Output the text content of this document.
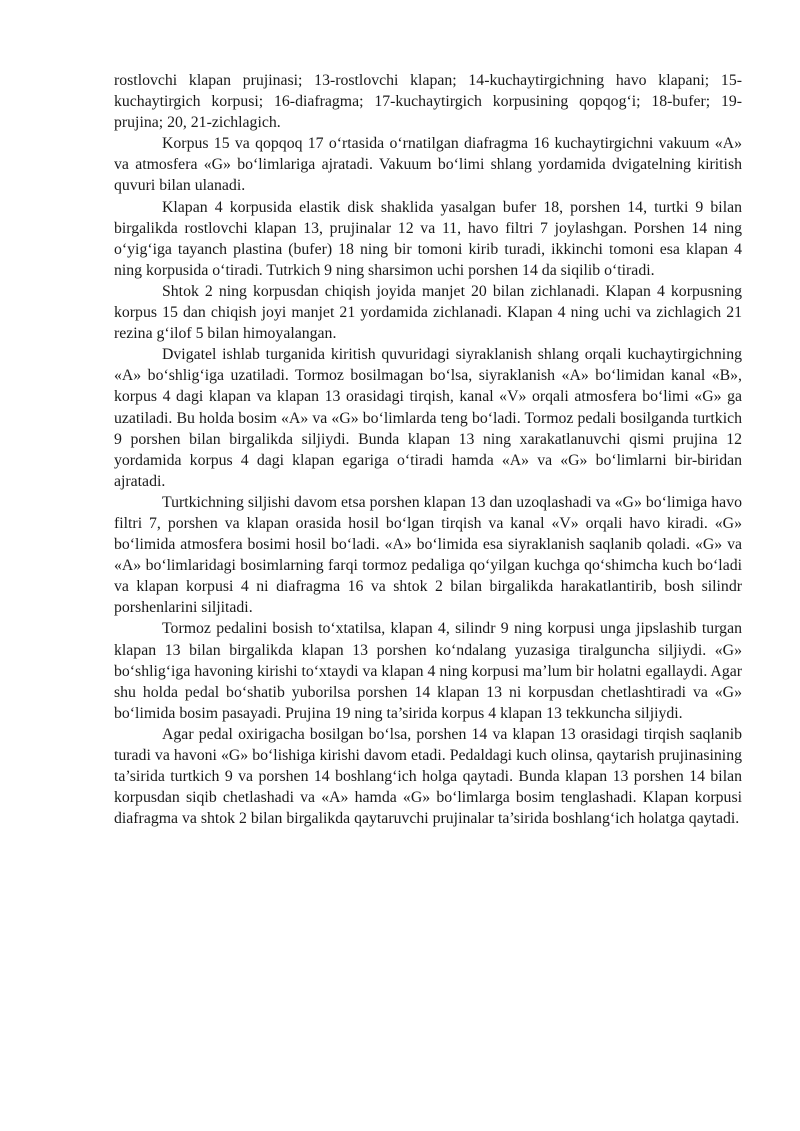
rostlovchi klapan prujinasi; 13-rostlovchi klapan; 14-kuchaytirgichning havo klapani; 15-kuchaytirgich korpusi; 16-diafragma; 17-kuchaytirgich korpusining qopqog‘i; 18-bufer; 19-prujina; 20, 21-zichlagich.

Korpus 15 va qopqoq 17 o‘rtasida o‘rnatilgan diafragma 16 kuchaytirgichni vakuum «A» va atmosfera «G» bo‘limlariga ajratadi. Vakuum bo‘limi shlang yordamida dvigatelning kiritish quvuri bilan ulanadi.

Klapan 4 korpusida elastik disk shaklida yasalgan bufer 18, porshen 14, turtki 9 bilan birgalikda rostlovchi klapan 13, prujinalar 12 va 11, havo filtri 7 joylashgan. Porshen 14 ning o‘yig‘iga tayanch plastina (bufer) 18 ning bir tomoni kirib turadi, ikkinchi tomoni esa klapan 4 ning korpusida o‘tiradi. Tutrkich 9 ning sharsimon uchi porshen 14 da siqilib o‘tiradi.

Shtok 2 ning korpusdan chiqish joyida manjet 20 bilan zichlanadi. Klapan 4 korpusning korpus 15 dan chiqish joyi manjet 21 yordamida zichlanadi. Klapan 4 ning uchi va zichlagich 21 rezina g‘ilof 5 bilan himoyalangan.

Dvigatel ishlab turganida kiritish quvuridagi siyraklanish shlang orqali kuchaytirgichning «A» bo‘shlig‘iga uzatiladi. Tormoz bosilmagan bo‘lsa, siyraklanish «A» bo‘limidan kanal «B», korpus 4 dagi klapan va klapan 13 orasidagi tirqish, kanal «V» orqali atmosfera bo‘limi «G» ga uzatiladi. Bu holda bosim «A» va «G» bo‘limlarda teng bo‘ladi. Tormoz pedali bosilganda turtkich 9 porshen bilan birgalikda siljiydi. Bunda klapan 13 ning xarakatlanuvchi qismi prujina 12 yordamida korpus 4 dagi klapan egariga o‘tiradi hamda «A» va «G» bo‘limlarni bir-biridan ajratadi.

Turtkichning siljishi davom etsa porshen klapan 13 dan uzoqlashadi va «G» bo‘limiga havo filtri 7, porshen va klapan orasida hosil bo‘lgan tirqish va kanal «V» orqali havo kiradi. «G» bo‘limida atmosfera bosimi hosil bo‘ladi. «A» bo‘limida esa siyraklanish saqlanib qoladi. «G» va «A» bo‘limlaridagi bosimlarning farqi tormoz pedaliga qo‘yilgan kuchga qo‘shimcha kuch bo‘ladi va klapan korpusi 4 ni diafragma 16 va shtok 2 bilan birgalikda harakatlantirib, bosh silindr porshenlarini siljitadi.

Tormoz pedalini bosish to‘xtatilsa, klapan 4, silindr 9 ning korpusi unga jipslashib turgan klapan 13 bilan birgalikda klapan 13 porshen ko‘ndalang yuzasiga tiralguncha siljiydi. «G» bo‘shlig‘iga havoning kirishi to‘xtaydi va klapan 4 ning korpusi ma’lum bir holatni egallaydi. Agar shu holda pedal bo‘shatib yuborilsa porshen 14 klapan 13 ni korpusdan chetlashtiradi va «G» bo‘limida bosim pasayadi. Prujina 19 ning ta’sirida korpus 4 klapan 13 tekkuncha siljiydi.

Agar pedal oxirigacha bosilgan bo‘lsa, porshen 14 va klapan 13 orasidagi tirqish saqlanib turadi va havoni «G» bo‘lishiga kirishi davom etadi. Pedaldagi kuch olinsa, qaytarish prujinasining ta’sirida turtkich 9 va porshen 14 boshlang‘ich holga qaytadi. Bunda klapan 13 porshen 14 bilan korpusdan siqib chetlashadi va «A» hamda «G» bo‘limlarga bosim tenglashadi. Klapan korpusi diafragma va shtok 2 bilan birgalikda qaytaruvchi prujinalar ta’sirida boshlang‘ich holatga qaytadi.
